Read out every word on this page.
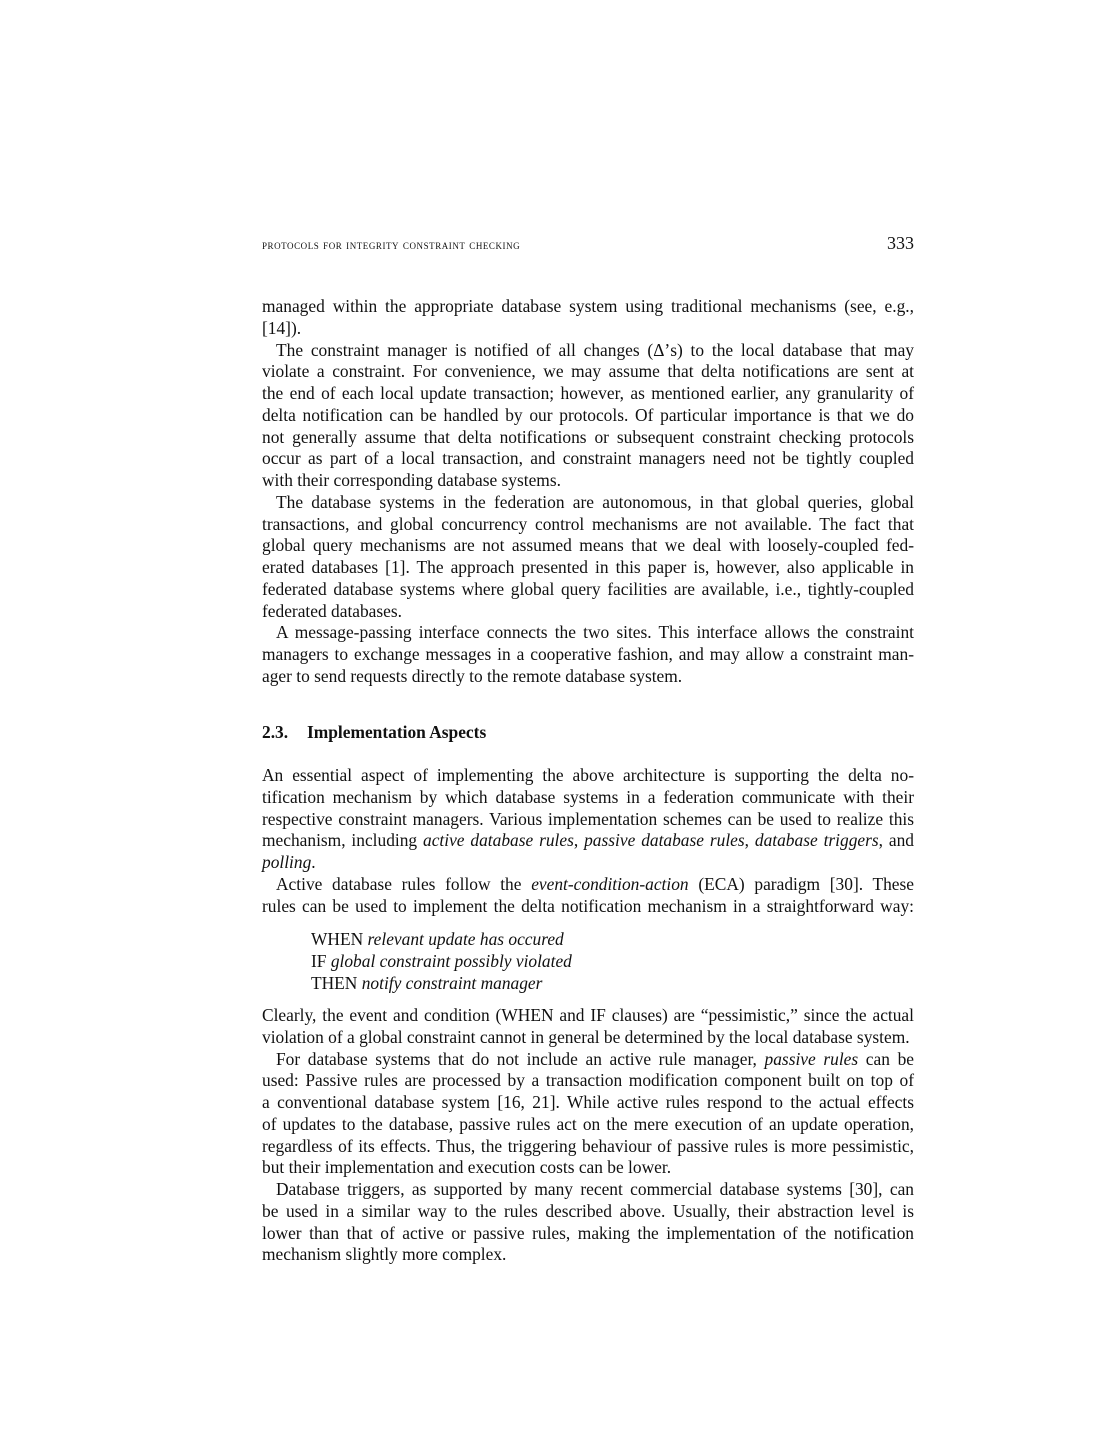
protocols for integrity constraint checking	333
managed within the appropriate database system using traditional mechanisms (see, e.g.,
[14]).
The constraint manager is notified of all changes (Δ’s) to the local database that may
violate a constraint. For convenience, we may assume that delta notifications are sent at
the end of each local update transaction; however, as mentioned earlier, any granularity of
delta notification can be handled by our protocols. Of particular importance is that we do
not generally assume that delta notifications or subsequent constraint checking protocols
occur as part of a local transaction, and constraint managers need not be tightly coupled
with their corresponding database systems.
The database systems in the federation are autonomous, in that global queries, global
transactions, and global concurrency control mechanisms are not available. The fact that
global query mechanisms are not assumed means that we deal with loosely-coupled fed-
erated databases [1]. The approach presented in this paper is, however, also applicable in
federated database systems where global query facilities are available, i.e., tightly-coupled
federated databases.
A message-passing interface connects the two sites. This interface allows the constraint
managers to exchange messages in a cooperative fashion, and may allow a constraint man-
ager to send requests directly to the remote database system.
2.3. Implementation Aspects
An essential aspect of implementing the above architecture is supporting the delta no-
tification mechanism by which database systems in a federation communicate with their
respective constraint managers. Various implementation schemes can be used to realize this
mechanism, including active database rules, passive database rules, database triggers, and
polling.
Active database rules follow the event-condition-action (ECA) paradigm [30]. These
rules can be used to implement the delta notification mechanism in a straightforward way:
WHEN relevant update has occured
IF global constraint possibly violated
THEN notify constraint manager
Clearly, the event and condition (WHEN and IF clauses) are “pessimistic,” since the actual
violation of a global constraint cannot in general be determined by the local database system.
For database systems that do not include an active rule manager, passive rules can be
used: Passive rules are processed by a transaction modification component built on top of
a conventional database system [16, 21]. While active rules respond to the actual effects
of updates to the database, passive rules act on the mere execution of an update operation,
regardless of its effects. Thus, the triggering behaviour of passive rules is more pessimistic,
but their implementation and execution costs can be lower.
Database triggers, as supported by many recent commercial database systems [30], can
be used in a similar way to the rules described above. Usually, their abstraction level is
lower than that of active or passive rules, making the implementation of the notification
mechanism slightly more complex.
